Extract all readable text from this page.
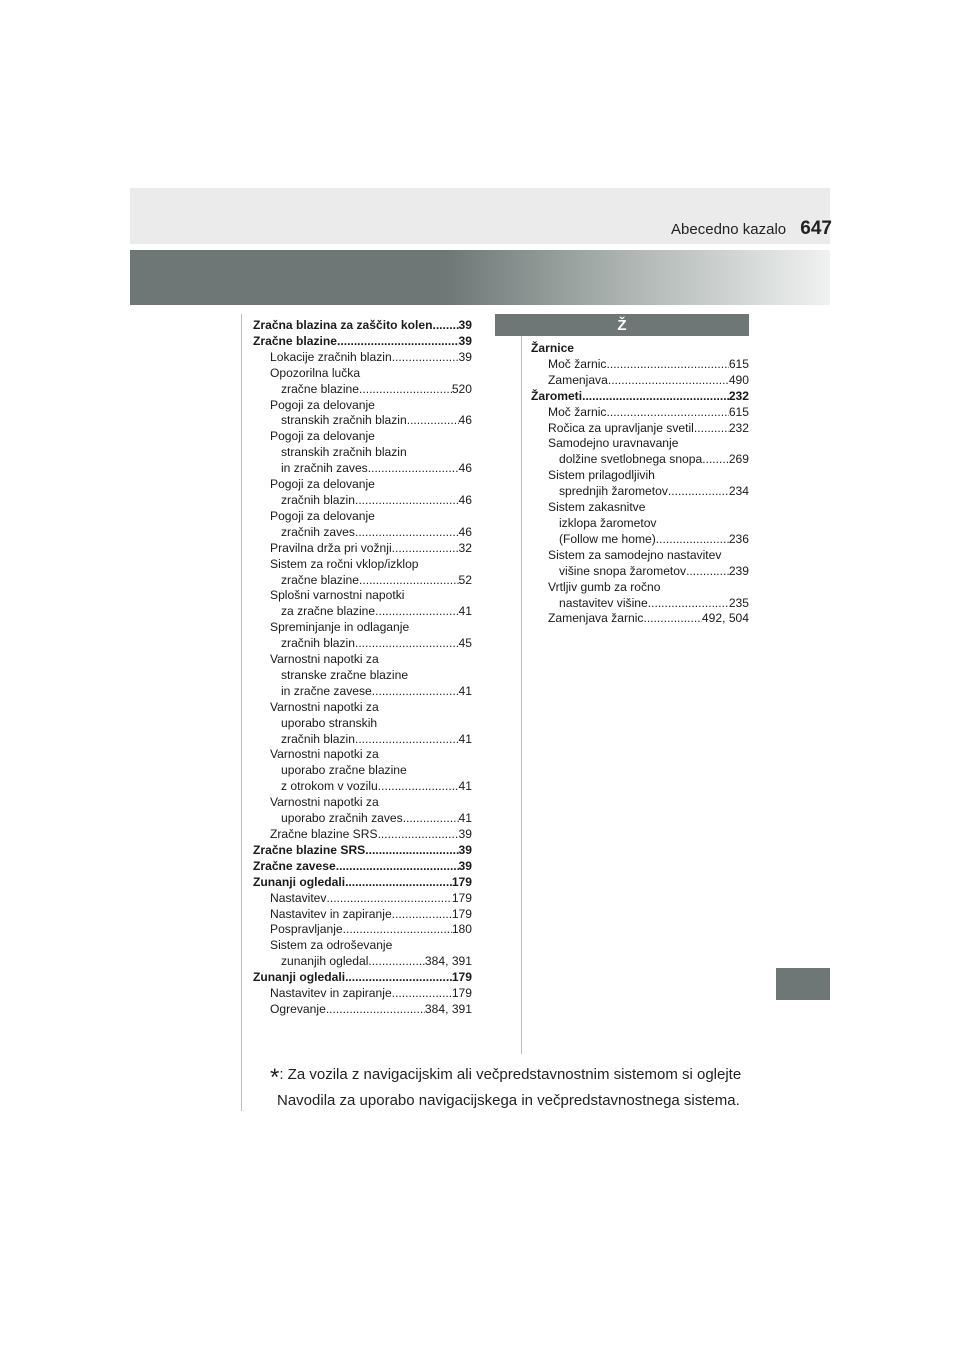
Abecedno kazalo 647
Zračna blazina za zaščito kolen ..... 39
Zračne blazine .....	39
Lokacije zračnih blazin .....	39
Opozorilna lučka
zračne blazine .....	520
Pogoji za delovanje
stranskih zračnih blazin .....	46
Pogoji za delovanje
stranskih zračnih blazin
in zračnih zaves .....	46
Pogoji za delovanje
zračnih blazin .....	46
Pogoji za delovanje
zračnih zaves .....	46
Pravilna drža pri vožnji .....	32
Sistem za ročni vklop/izklop
zračne blazine .....	52
Splošni varnostni napotki
za zračne blazine .....	41
Spreminjanje in odlaganje
zračnih blazin .....	45
Varnostni napotki za
stranske zračne blazine
in zračne zavese .....	41
Varnostni napotki za
uporabo stranskih
zračnih blazin .....	41
Varnostni napotki za
uporabo zračne blazine
z otrokom v vozilu .....	41
Varnostni napotki za
uporabo zračnih zaves .....	41
Zračne blazine SRS .....	39
Zračne blazine SRS .....	39
Zračne zavese .....	39
Zunanji ogledali .....	179
Nastavitev .....	179
Nastavitev in zapiranje .....	179
Pospravljanje .....	180
Sistem za odroševanje
zunanjih ogledal .....	384, 391
Zunanji ogledali .....	179
Nastavitev in zapiranje .....	179
Ogrevanje .....	384, 391
Ž
Žarnice
Moč žarnic .....	615
Zamenjava .....	490
Žarometi .....	232
Moč žarnic .....	615
Ročica za upravljanje svetil .....	232
Samodejno uravnavanje
dolžine svetlobnega snopa ..... 269
Sistem prilagodljivih
sprednjih žarometov .....	234
Sistem zakasnitve
izklopa žarometov
(Follow me home) .....	236
Sistem za samodejno nastavitev
višine snopa žarometov .....	239
Vrtljiv gumb za ročno
nastavitev višine .....	235
Zamenjava žarnic .....	492, 504
*: Za vozila z navigacijskim ali večpredstavnostnim sistemom si oglejte
Navodila za uporabo navigacijskega in večpredstavnostnega sistema.
